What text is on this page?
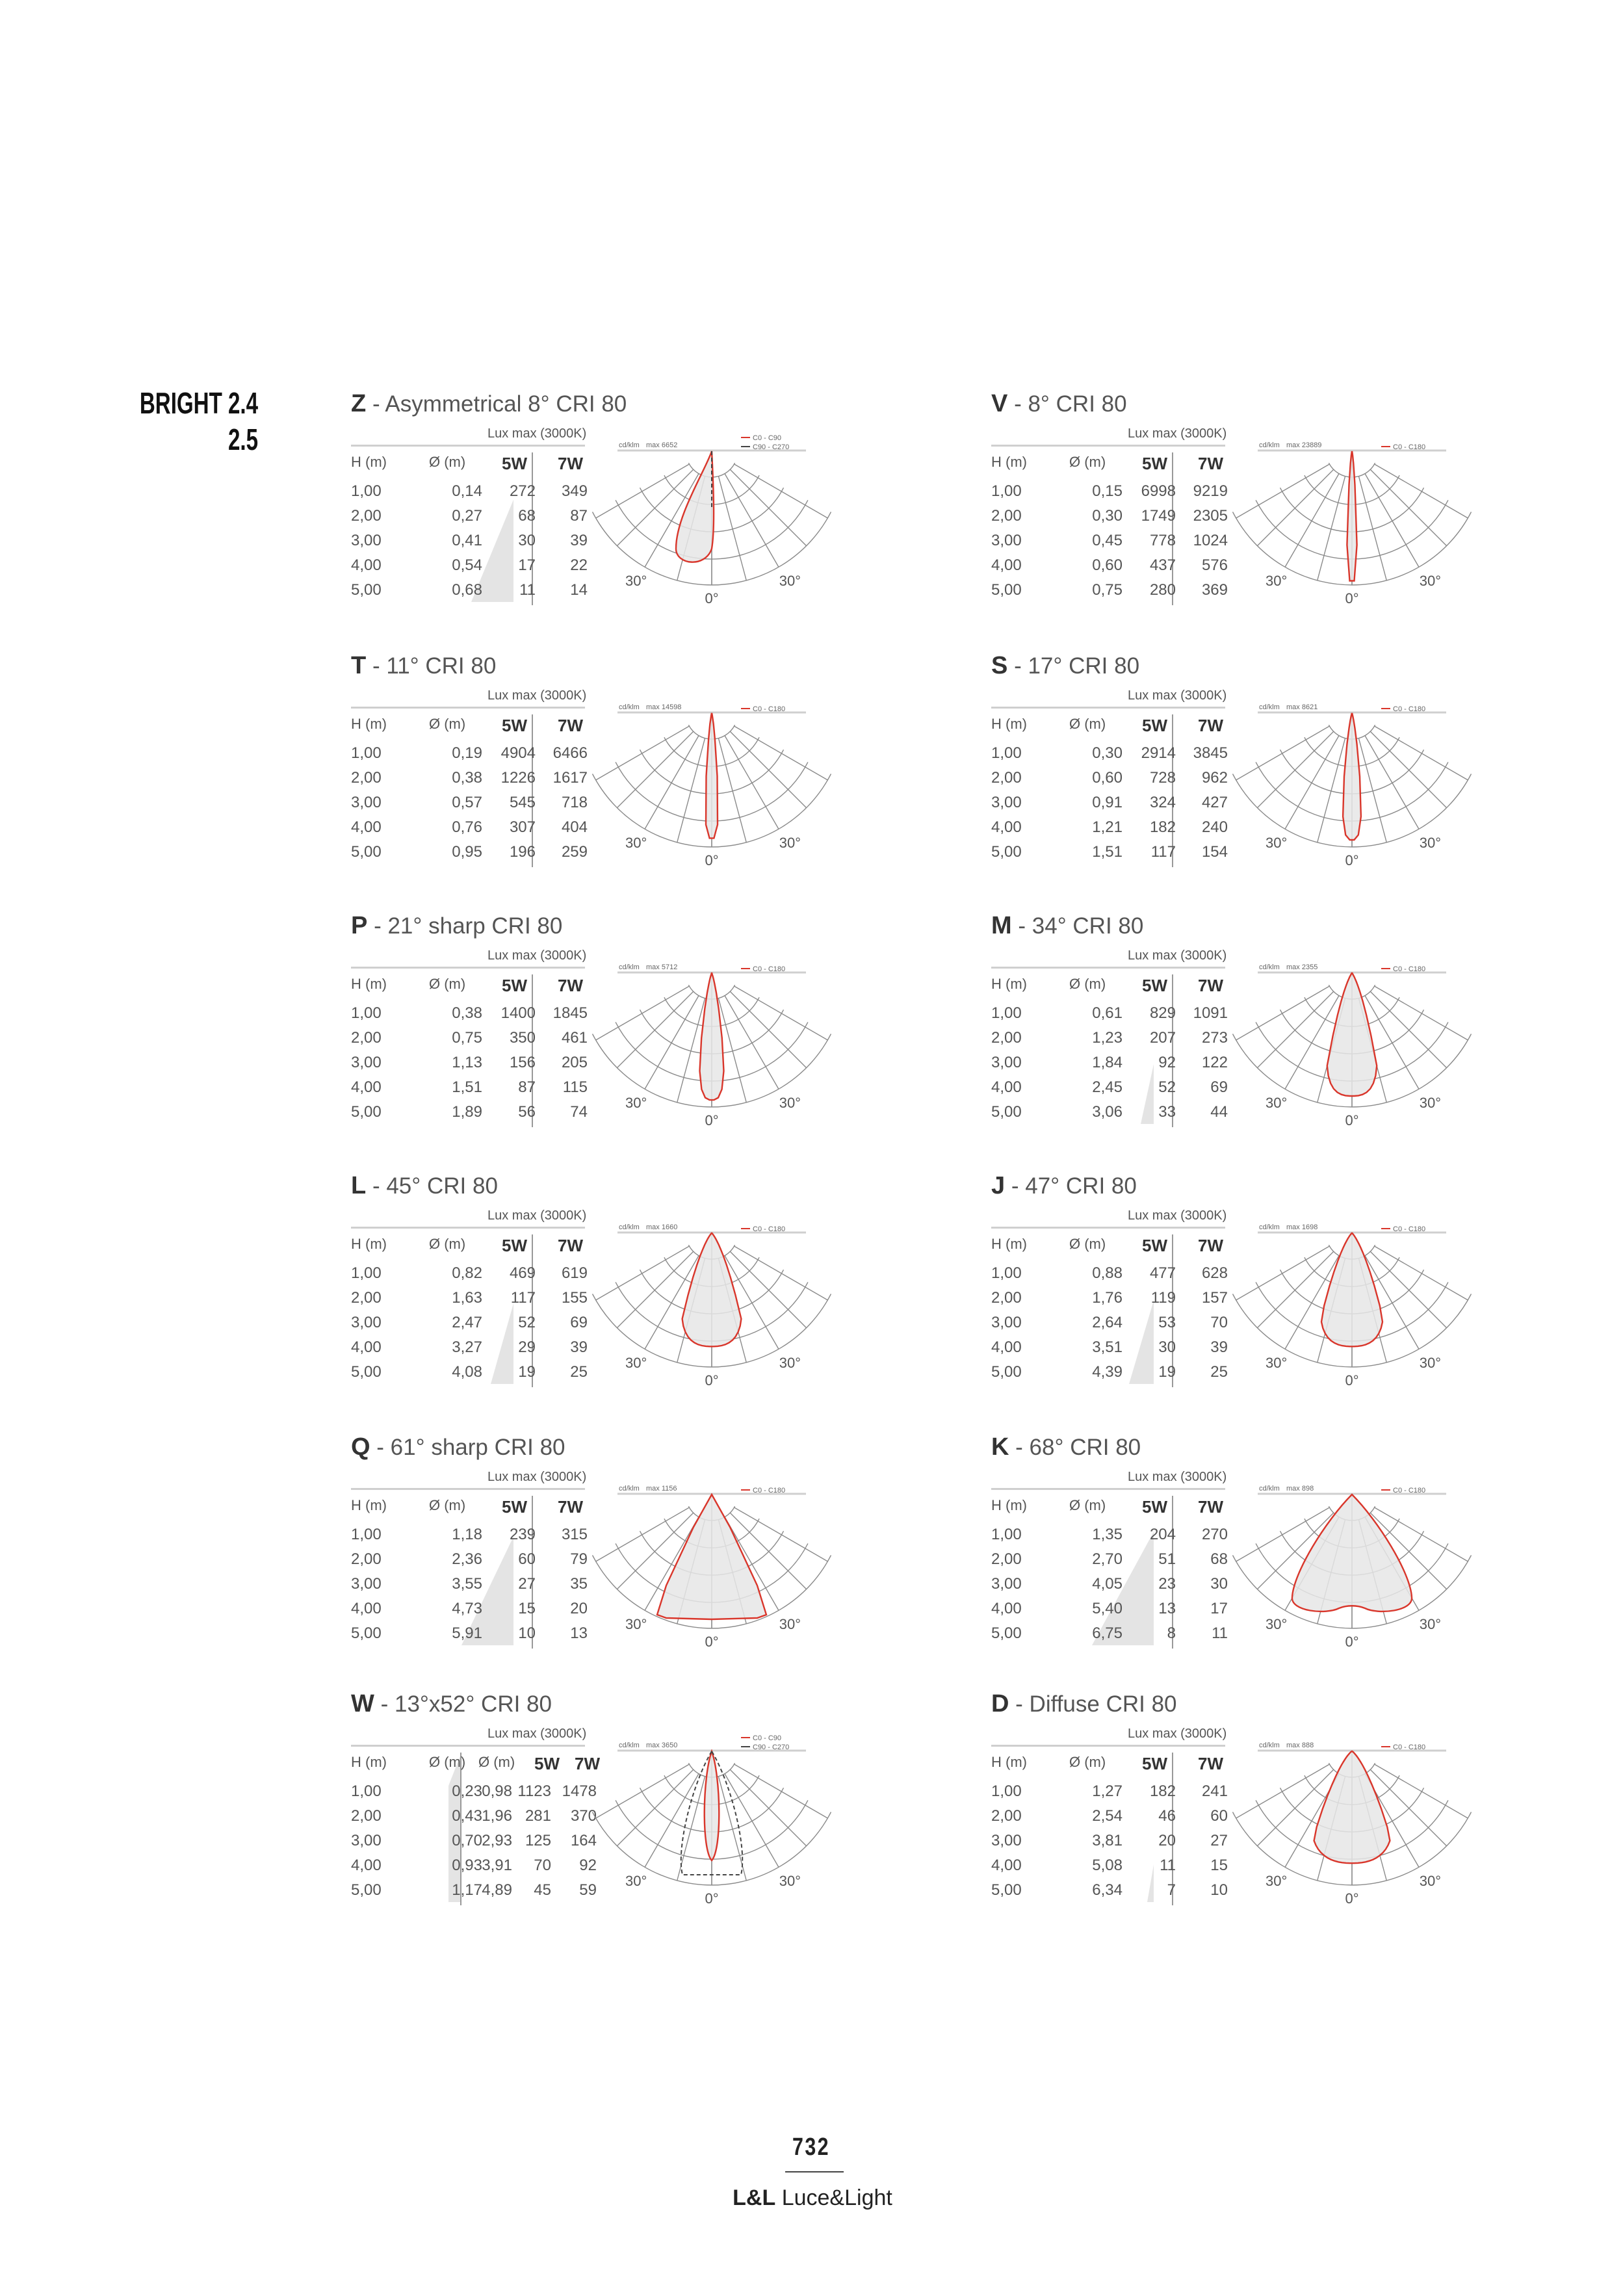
BRIGHT 2.4
2.5
Z - Asymmetrical 8° CRI 80
Lux max (3000K)
H (m)	Ø (m) 5W 7W
1,00	0,14	272	349
2,00	0,27	68	87
3,00	0,41	30	39
4,00	0,54	17	22
5,00	0,68	11	14
cd/klm max 6652
C0 - C90
C90 - C270
30°	30°
0°
V - 8° CRI 80
Lux max (3000K)
H (m)	Ø (m) 5W 7W
1,00	0,15	6998	9219
2,00	0,30	1749	2305
3,00	0,45	778	1024
4,00	0,60	437	576
5,00	0,75	280	369
cd/klm max 23889	C0 - C180
30°	30°
0°
T - 11° CRI 80
Lux max (3000K)
H (m)	Ø (m) 5W 7W
1,00	0,19	4904	6466
2,00	0,38	1226	1617
3,00	0,57	545	718
4,00	0,76	307	404
5,00	0,95	196	259
cd/klm max 14598	C0 - C180
30°	30°
0°
S - 17° CRI 80
Lux max (3000K)
H (m)	Ø (m) 5W 7W
1,00	0,30	2914	3845
2,00	0,60	728	962
3,00	0,91	324	427
4,00	1,21	182	240
5,00	1,51	117	154
cd/klm max 8621	C0 - C180
30°	30°
0°
P - 21° sharp CRI 80
Lux max (3000K)
H (m)	Ø (m) 5W 7W
1,00	0,38	1400	1845
2,00	0,75	350	461
3,00	1,13	156	205
4,00	1,51	87	115
5,00	1,89	56	74
cd/klm max 5712	C0 - C180
30°	30°
0°
M - 34° CRI 80
Lux max (3000K)
H (m)	Ø (m) 5W 7W
1,00	0,61	829	1091
2,00	1,23	207	273
3,00	1,84	92	122
4,00	2,45	52	69
5,00	3,06	33	44
cd/klm max 2355	C0 - C180
30°	30°
0°
L - 45° CRI 80
Lux max (3000K)
H (m)	Ø (m) 5W 7W
1,00	0,82	469	619
2,00	1,63	117	155
3,00	2,47	52	69
4,00	3,27	29	39
5,00	4,08	19	25
cd/klm max 1660	C0 - C180
30°	30°
0°
J - 47° CRI 80
Lux max (3000K)
H (m)	Ø (m) 5W 7W
1,00	0,88	477	628
2,00	1,76	119	157
3,00	2,64	53	70
4,00	3,51	30	39
5,00	4,39	19	25
cd/klm max 1698	C0 - C180
30°	30°
0°
Q - 61° sharp CRI 80
Lux max (3000K)
H (m)	Ø (m) 5W 7W
1,00	1,18	239	315
2,00	2,36	60	79
3,00	3,55	27	35
4,00	4,73	15	20
5,00	5,91	10	13
cd/klm max 1156	C0 - C180
30°	30°
0°
K - 68° CRI 80
Lux max (3000K)
H (m)	Ø (m) 5W 7W
1,00	1,35	204	270
2,00	2,70	51	68
3,00	4,05	23	30
4,00	5,40	13	17
5,00	6,75	8	11
cd/klm max 898	C0 - C180
30°	30°
0°
W - 13°x52° CRI 80
Lux max (3000K)
H (m)	Ø (m) Ø (m) 5W 7W
1,00	0,23 0,98 1123 1478
2,00	0,43 1,96 281	370
3,00	0,70 2,93 125	164
4,00	0,93 3,91	70	92
5,00	1,17 4,89	45	59
cd/klm max 3650
C0 - C90
C90 - C270
30°	30°
0°
D - Diffuse CRI 80
Lux max (3000K)
H (m)	Ø (m) 5W 7W
1,00	1,27	182	241
2,00	2,54	46	60
3,00	3,81	20	27
4,00	5,08	11	15
5,00	6,34	7	10
cd/klm max 888	C0 - C180
30°	30°
0°
732
L&L Luce&Light
